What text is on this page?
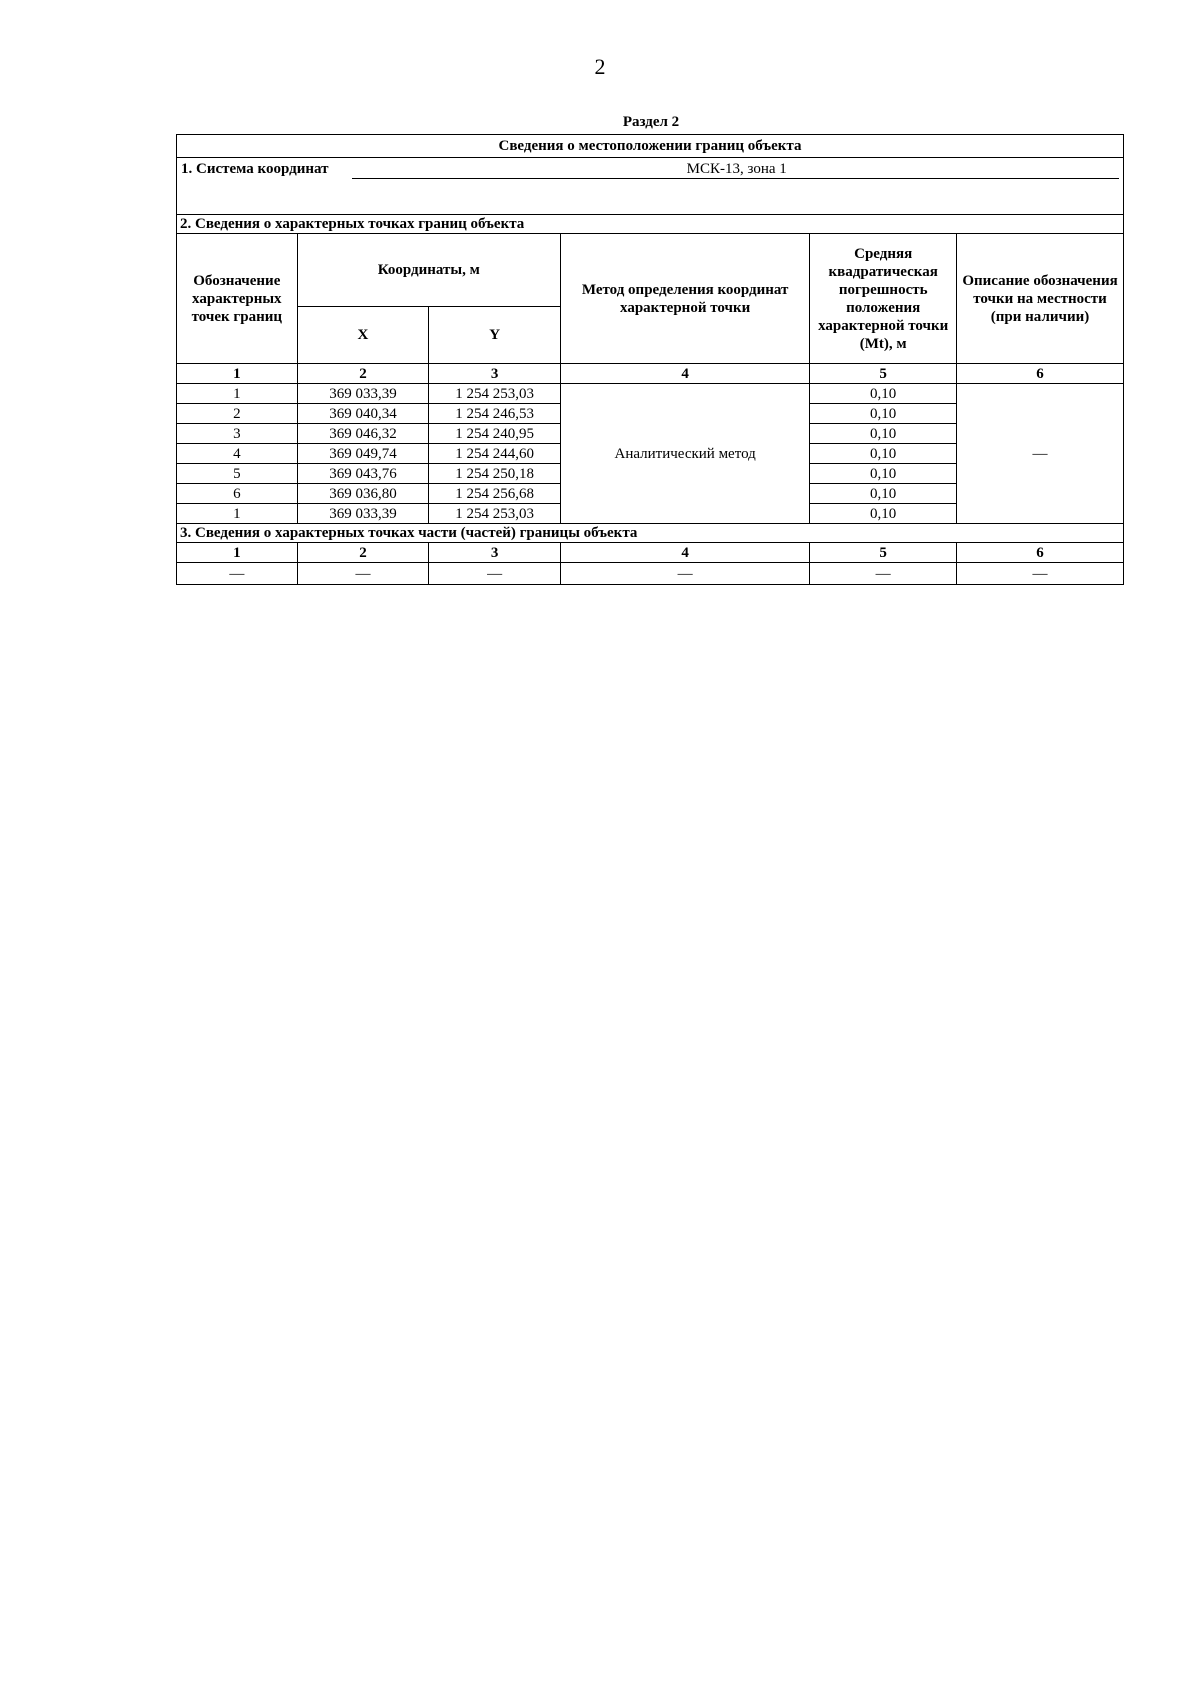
2
Раздел 2
Сведения о местоположении границ объекта					

1. Система координат МСК-13, зона 1					

2. Сведения о характерных точках границ объекта					
Обозначение характерных точек границ	Координаты, м		Метод определения координат характерной точки	Средняя квадратическая погрешность положения характерной точки (Mt), м	Описание обозначения точки на местности (при наличии)
	X	Y			
1	2	3	4	5	6
1	369 033,39	1 254 253,03	Аналитический метод	0,10	—
2	369 040,34	1 254 246,53		0,10	
3	369 046,32	1 254 240,95		0,10	
4	369 049,74	1 254 244,60		0,10	
5	369 043,76	1 254 250,18		0,10	
6	369 036,80	1 254 256,68		0,10	
1	369 033,39	1 254 253,03		0,10	
3. Сведения о характерных точках части (частей) границы объекта					
1	2	3	4	5	6
—	—	—	—	—	—
